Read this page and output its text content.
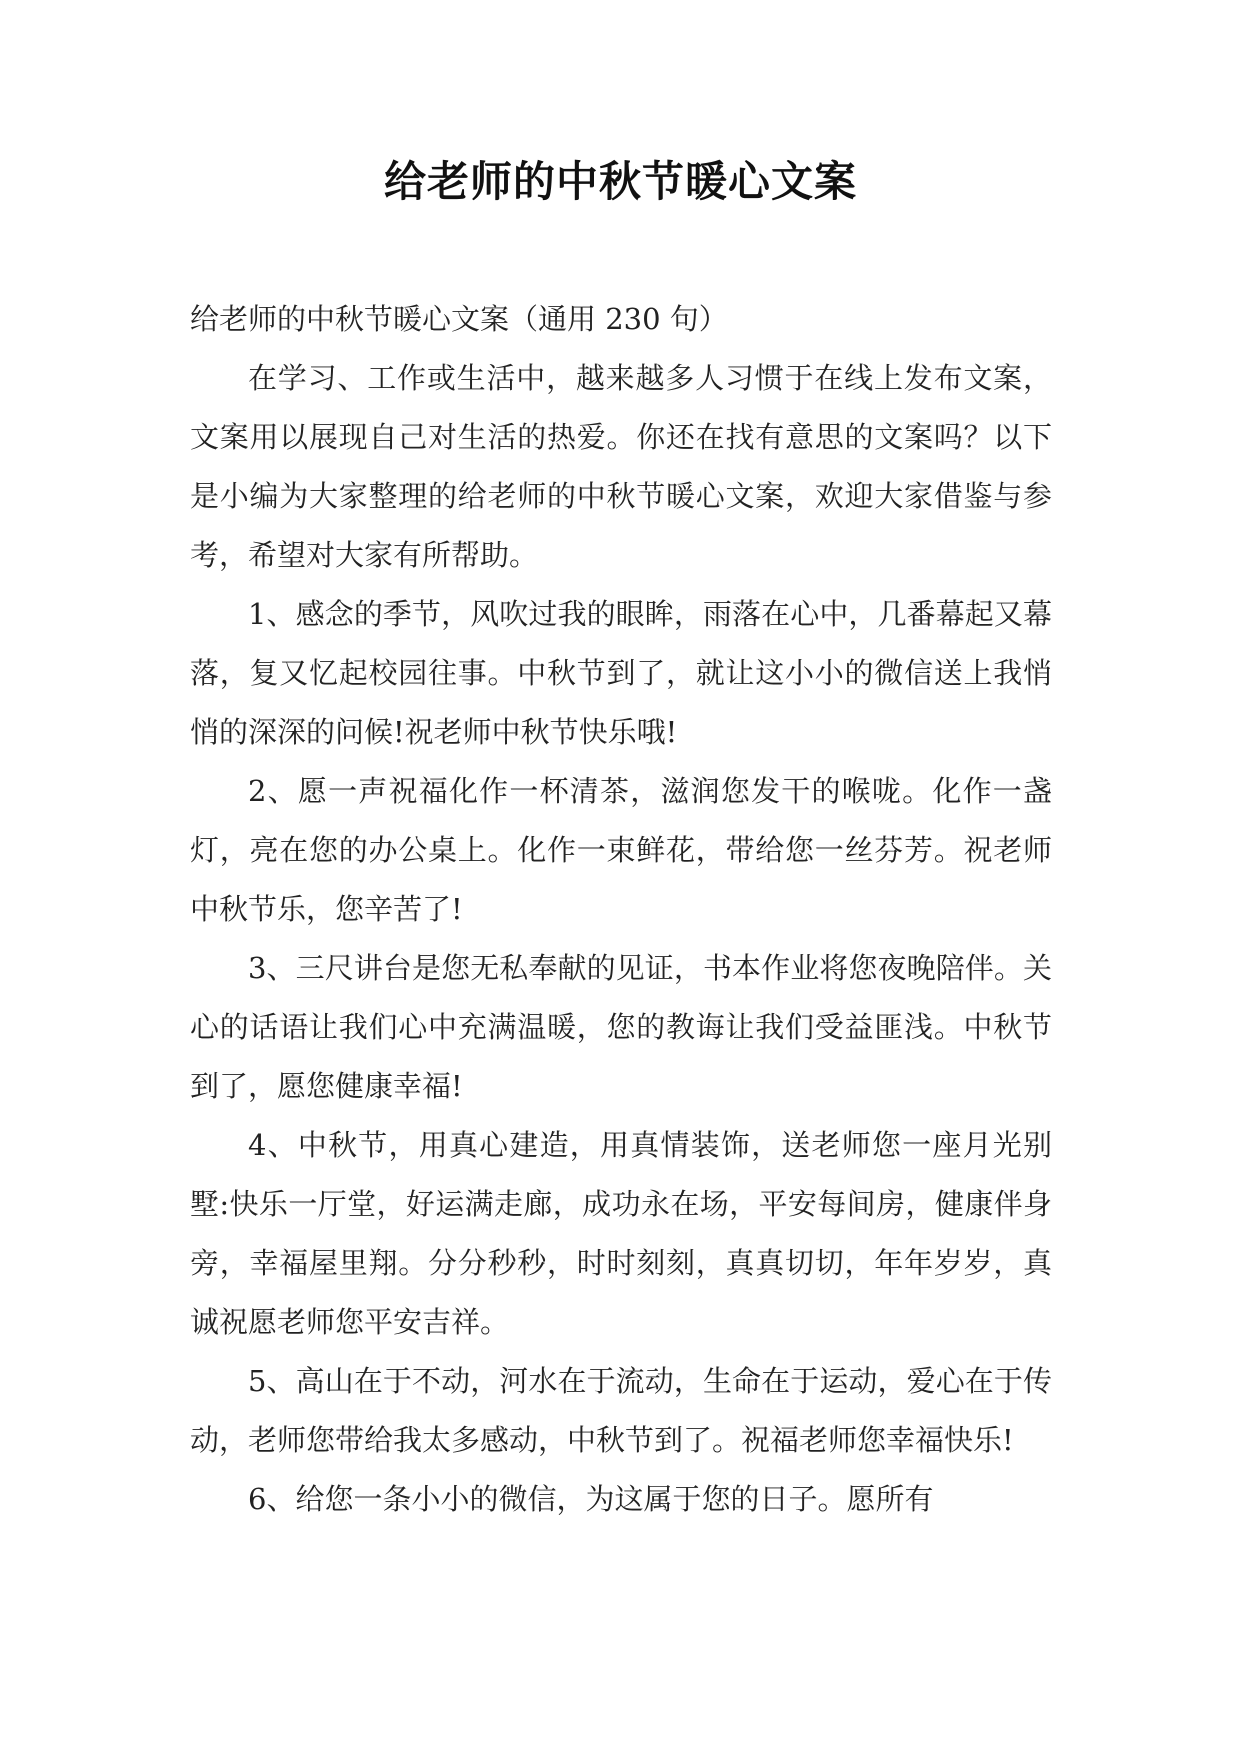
给老师的中秋节暖心文案

给老师的中秋节暖心文案（通用 230 句）

在学习、工作或生活中，越来越多人习惯于在线上发布文案，文案用以展现自己对生活的热爱。你还在找有意思的文案吗？以下是小编为大家整理的给老师的中秋节暖心文案，欢迎大家借鉴与参考，希望对大家有所帮助。

1、感念的季节，风吹过我的眼眸，雨落在心中，几番幕起又幕落，复又忆起校园往事。中秋节到了，就让这小小的微信送上我悄悄的深深的问候!祝老师中秋节快乐哦!

2、愿一声祝福化作一杯清茶，滋润您发干的喉咙。化作一盏灯，亮在您的办公桌上。化作一束鲜花，带给您一丝芬芳。祝老师中秋节乐，您辛苦了!

3、三尺讲台是您无私奉献的见证，书本作业将您夜晚陪伴。关心的话语让我们心中充满温暖，您的教诲让我们受益匪浅。中秋节到了，愿您健康幸福!

4、中秋节，用真心建造，用真情装饰，送老师您一座月光别墅:快乐一厅堂，好运满走廊，成功永在场，平安每间房，健康伴身旁，幸福屋里翔。分分秒秒，时时刻刻，真真切切，年年岁岁，真诚祝愿老师您平安吉祥。

5、高山在于不动，河水在于流动，生命在于运动，爱心在于传动，老师您带给我太多感动，中秋节到了。祝福老师您幸福快乐!

6、给您一条小小的微信，为这属于您的日子。愿所有
